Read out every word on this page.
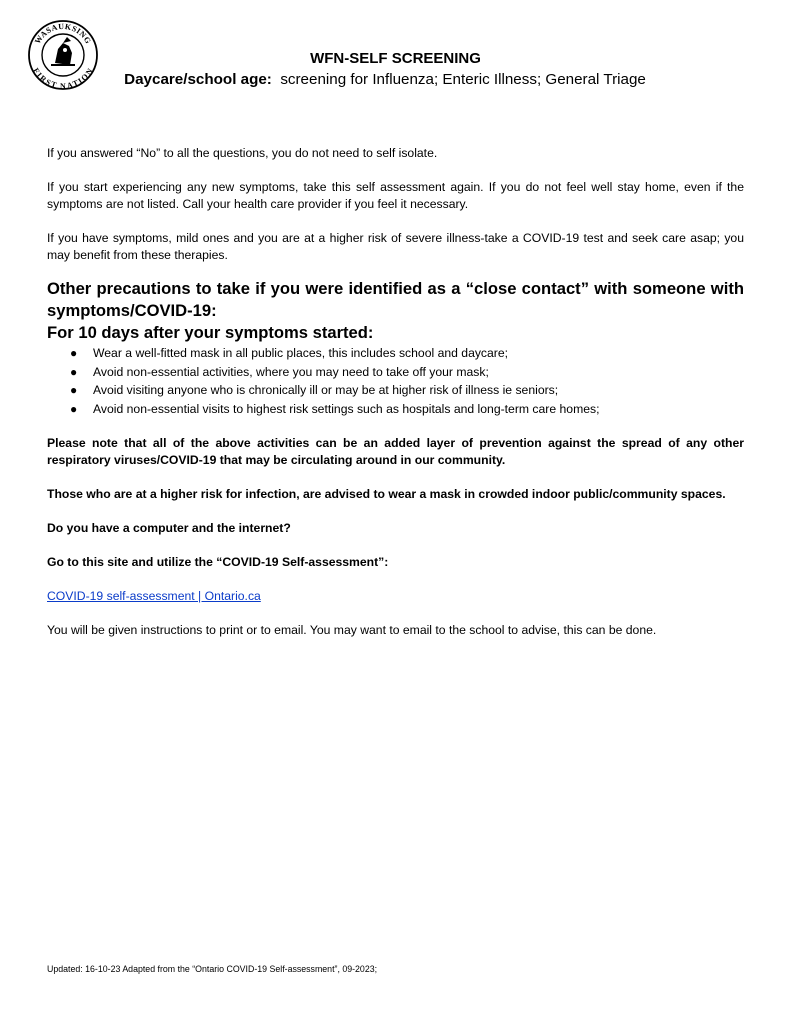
WASAUKSING
FIRST NATION
WFN-SELF SCREENING
Daycare/school age:  screening for Influenza; Enteric Illness; General Triage

If you answered “No” to all the questions, you do not need to self isolate.

If you start experiencing any new symptoms, take this self assessment again. If you do not feel well stay home, even if the symptoms are not listed. Call your health care provider if you feel it necessary.

If you have symptoms, mild ones and you are at a higher risk of severe illness-take a COVID-19 test and seek care asap; you may benefit from these therapies.

Other precautions to take if you were identified as a “close contact” with someone with symptoms/COVID-19:

For 10 days after your symptoms started:

● Wear a well-fitted mask in all public places, this includes school and daycare;
● Avoid non-essential activities, where you may need to take off your mask;
● Avoid visiting anyone who is chronically ill or may be at higher risk of illness ie seniors;
● Avoid non-essential visits to highest risk settings such as hospitals and long-term care homes;

Please note that all of the above activities can be an added layer of prevention against the spread of any other respiratory viruses/COVID-19 that may be circulating around in our community.

Those who are at a higher risk for infection, are advised to wear a mask in crowded indoor public/community spaces.

Do you have a computer and the internet?

Go to this site and utilize the “COVID-19 Self-assessment”:

COVID-19 self-assessment | Ontario.ca

You will be given instructions to print or to email. You may want to email to the school to advise, this can be done.

Updated: 16-10-23 Adapted from the “Ontario COVID-19 Self-assessment”, 09-2023;
